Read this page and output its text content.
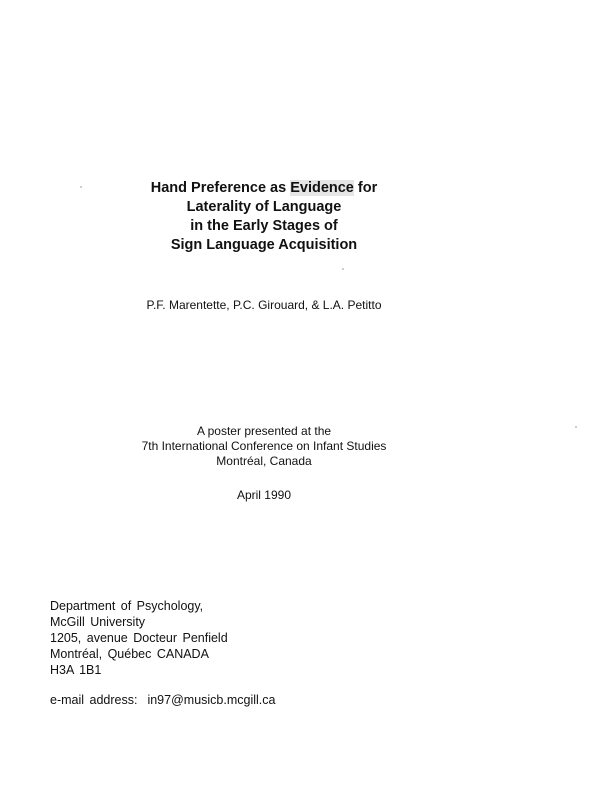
Hand Preference as Evidence for
Laterality of Language
in the Early Stages of
Sign Language Acquisition
P.F. Marentette, P.C. Girouard, & L.A. Petitto
A poster presented at the
7th International Conference on Infant Studies
Montréal, Canada
April 1990
Department of Psychology,
McGill University
1205, avenue Docteur Penfield
Montréal, Québec CANADA
H3A 1B1
e-mail address: in97@musicb.mcgill.ca
